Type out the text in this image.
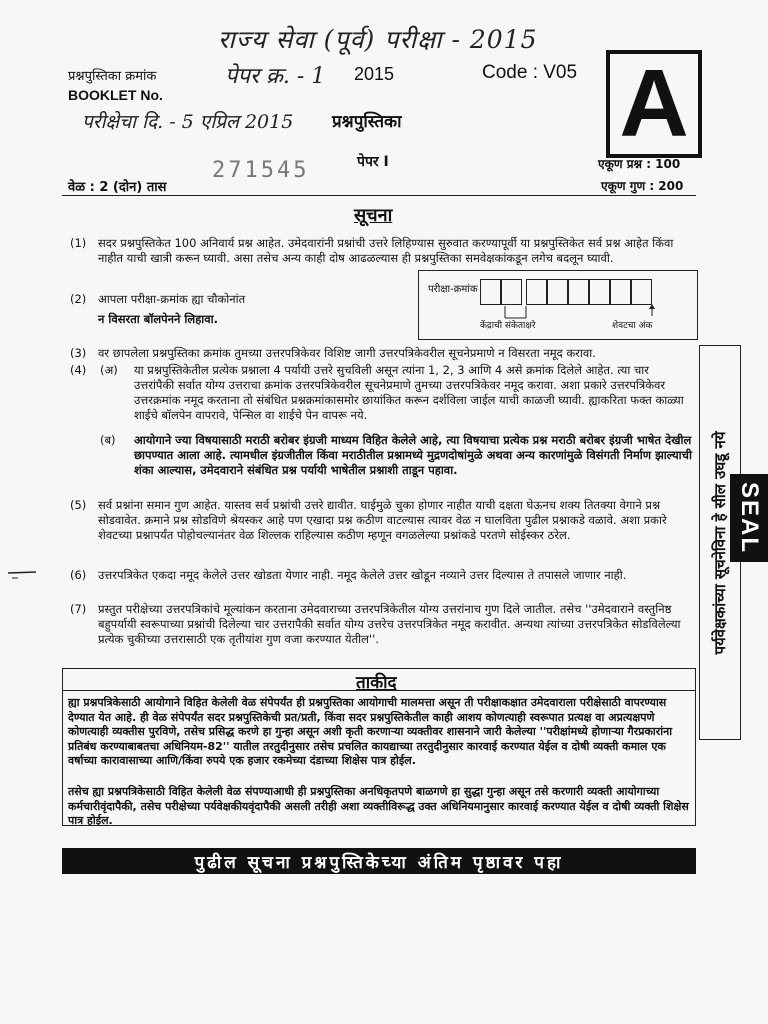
राज्य सेवा (पूर्व) परीक्षा - 2015
प्रश्नपुस्तिका क्रमांक
BOOKLET No.
पेपर क्र. - 1 2015	Code : V05 A
परीक्षेचा दि. - 5 एप्रिल 2015 प्रश्नपुस्तिका
271545	पेपर I	एकूण प्रश्न : 100
एकूण गुण : 200
वेळ : 2 (दोन) तास
सूचना
(1) सदर प्रश्नपुस्तिकेत 100 अनिवार्य प्रश्न आहेत. उमेदवारांनी प्रश्नांची उत्तरे लिहिण्यास सुरुवात करण्यापूर्वी या प्रश्नपुस्तिकेत सर्व प्रश्न आहेत किंवा नाहीत याची खात्री करून घ्यावी. असा तसेच अन्य काही दोष आढळल्यास ही प्रश्नपुस्तिका समवेक्षकांकडून लगेच बदलून घ्यावी.
(2) आपला परीक्षा-क्रमांक ह्या चौकोनांत
न विसरता बॉलपेनने लिहावा.
परीक्षा-क्रमांक
केंद्राची संकेताक्षरे	शेवटचा अंक
(3) वर छापलेला प्रश्नपुस्तिका क्रमांक तुमच्या उत्तरपत्रिकेवर विशिष्ट जागी उत्तरपत्रिकेवरील सूचनेप्रमाणे न विसरता नमूद करावा.
(4) (अ) या प्रश्नपुस्तिकेतील प्रत्येक प्रश्नाला 4 पर्यायी उत्तरे सुचविली असून त्यांना 1, 2, 3 आणि 4 असे क्रमांक दिलेले आहेत. त्या चार उत्तरांपैकी सर्वात योग्य उत्तराचा क्रमांक उत्तरपत्रिकेवरील सूचनेप्रमाणे तुमच्या उत्तरपत्रिकेवर नमूद करावा. अशा प्रकारे उत्तरपत्रिकेवर उत्तरक्रमांक नमूद करताना तो संबंधित प्रश्नक्रमांकासमोर छायांकित करून दर्शविला जाईल याची काळजी घ्यावी. ह्याकरिता फक्त काळ्या शाईचे बॉलपेन वापरावे, पेन्सिल वा शाईचे पेन वापरू नये.
(ब) आयोगाने ज्या विषयासाठी मराठी बरोबर इंग्रजी माध्यम विहित केलेले आहे, त्या विषयाचा प्रत्येक प्रश्न मराठी बरोबर इंग्रजी भाषेत देखील छापण्यात आला आहे. त्यामधील इंग्रजीतील किंवा मराठीतील प्रश्नामध्ये मुद्रणदोषांमुळे अथवा अन्य कारणांमुळे विसंगती निर्माण झाल्याची शंका आल्यास, उमेदवाराने संबंधित प्रश्न पर्यायी भाषेतील प्रश्नाशी ताडून पहावा.
(5) सर्व प्रश्नांना समान गुण आहेत. यास्तव सर्व प्रश्नांची उत्तरे द्यावीत. घाईमुळे चुका होणार नाहीत याची दक्षता घेऊनच शक्य तितक्या वेगाने प्रश्न सोडवावेत. क्रमाने प्रश्न सोडविणे श्रेयस्कर आहे पण एखादा प्रश्न कठीण वाटल्यास त्यावर वेळ न घालविता पुढील प्रश्नाकडे वळावे. अशा प्रकारे शेवटच्या प्रश्नापर्यंत पोहोचल्यानंतर वेळ शिल्लक राहिल्यास कठीण म्हणून वगळलेल्या प्रश्नांकडे परतणे सोईस्कर ठरेल.
(6) उत्तरपत्रिकेत एकदा नमूद केलेले उत्तर खोडता येणार नाही. नमूद केलेले उत्तर खोडून नव्याने उत्तर दिल्यास ते तपासले जाणार नाही.
(7) प्रस्तुत परीक्षेच्या उत्तरपत्रिकांचे मूल्यांकन करताना उमेदवाराच्या उत्तरपत्रिकेतील योग्य उत्तरांनाच गुण दिले जातील. तसेच ''उमेदवाराने वस्तुनिष्ठ बहुपर्यायी स्वरूपाच्या प्रश्नांची दिलेल्या चार उत्तरापैकी सर्वात योग्य उत्तरेच उत्तरपत्रिकेत नमूद करावीत. अन्यथा त्यांच्या उत्तरपत्रिकेत सोडविलेल्या प्रत्येक चुकीच्या उत्तरासाठी एक तृतीयांश गुण वजा करण्यात येतील''.
ताकीद
ह्या प्रश्नपत्रिकेसाठी आयोगाने विहित केलेली वेळ संपेपर्यंत ही प्रश्नपुस्तिका आयोगाची मालमत्ता असून ती परीक्षाकक्षात उमेदवाराला परीक्षेसाठी वापरण्यास देण्यात येत आहे. ही वेळ संपेपर्यंत सदर प्रश्नपुस्तिकेची प्रत/प्रती, किंवा सदर प्रश्नपुस्तिकेतील काही आशय कोणत्याही स्वरूपात प्रत्यक्ष वा अप्रत्यक्षपणे कोणत्याही व्यक्तीस पुरविणे, तसेच प्रसिद्ध करणे हा गुन्हा असून अशी कृती करणाऱ्या व्यक्तीवर शासनाने जारी केलेल्या ''परीक्षांमध्ये होणाऱ्या गैरप्रकारांना प्रतिबंध करण्याबाबतचा अधिनियम-82'' यातील तरतुदीनुसार तसेच प्रचलित कायद्याच्या तरतुदीनुसार कारवाई करण्यात येईल व दोषी व्यक्ती कमाल एक वर्षाच्या कारावासाच्या आणि/किंवा रुपये एक हजार रकमेच्या दंडाच्या शिक्षेस पात्र होईल.
तसेच ह्या प्रश्नपत्रिकेसाठी विहित केलेली वेळ संपण्याआधी ही प्रश्नपुस्तिका अनधिकृतपणे बाळगणे हा सुद्धा गुन्हा असून तसे करणारी व्यक्ती आयोगाच्या कर्मचारीवृंदापैकी, तसेच परीक्षेच्या पर्यवेक्षकीयवृंदापैकी असली तरीही अशा व्यक्तीविरूद्ध उक्त अधिनियमानुसार कारवाई करण्यात येईल व दोषी व्यक्ती शिक्षेस पात्र होईल.
पुढील सूचना प्रश्नपुस्तिकेच्या अंतिम पृष्ठावर पहा
पर्यवेक्षकांच्या सूचनेविना हे सील उघडू नये SEAL
